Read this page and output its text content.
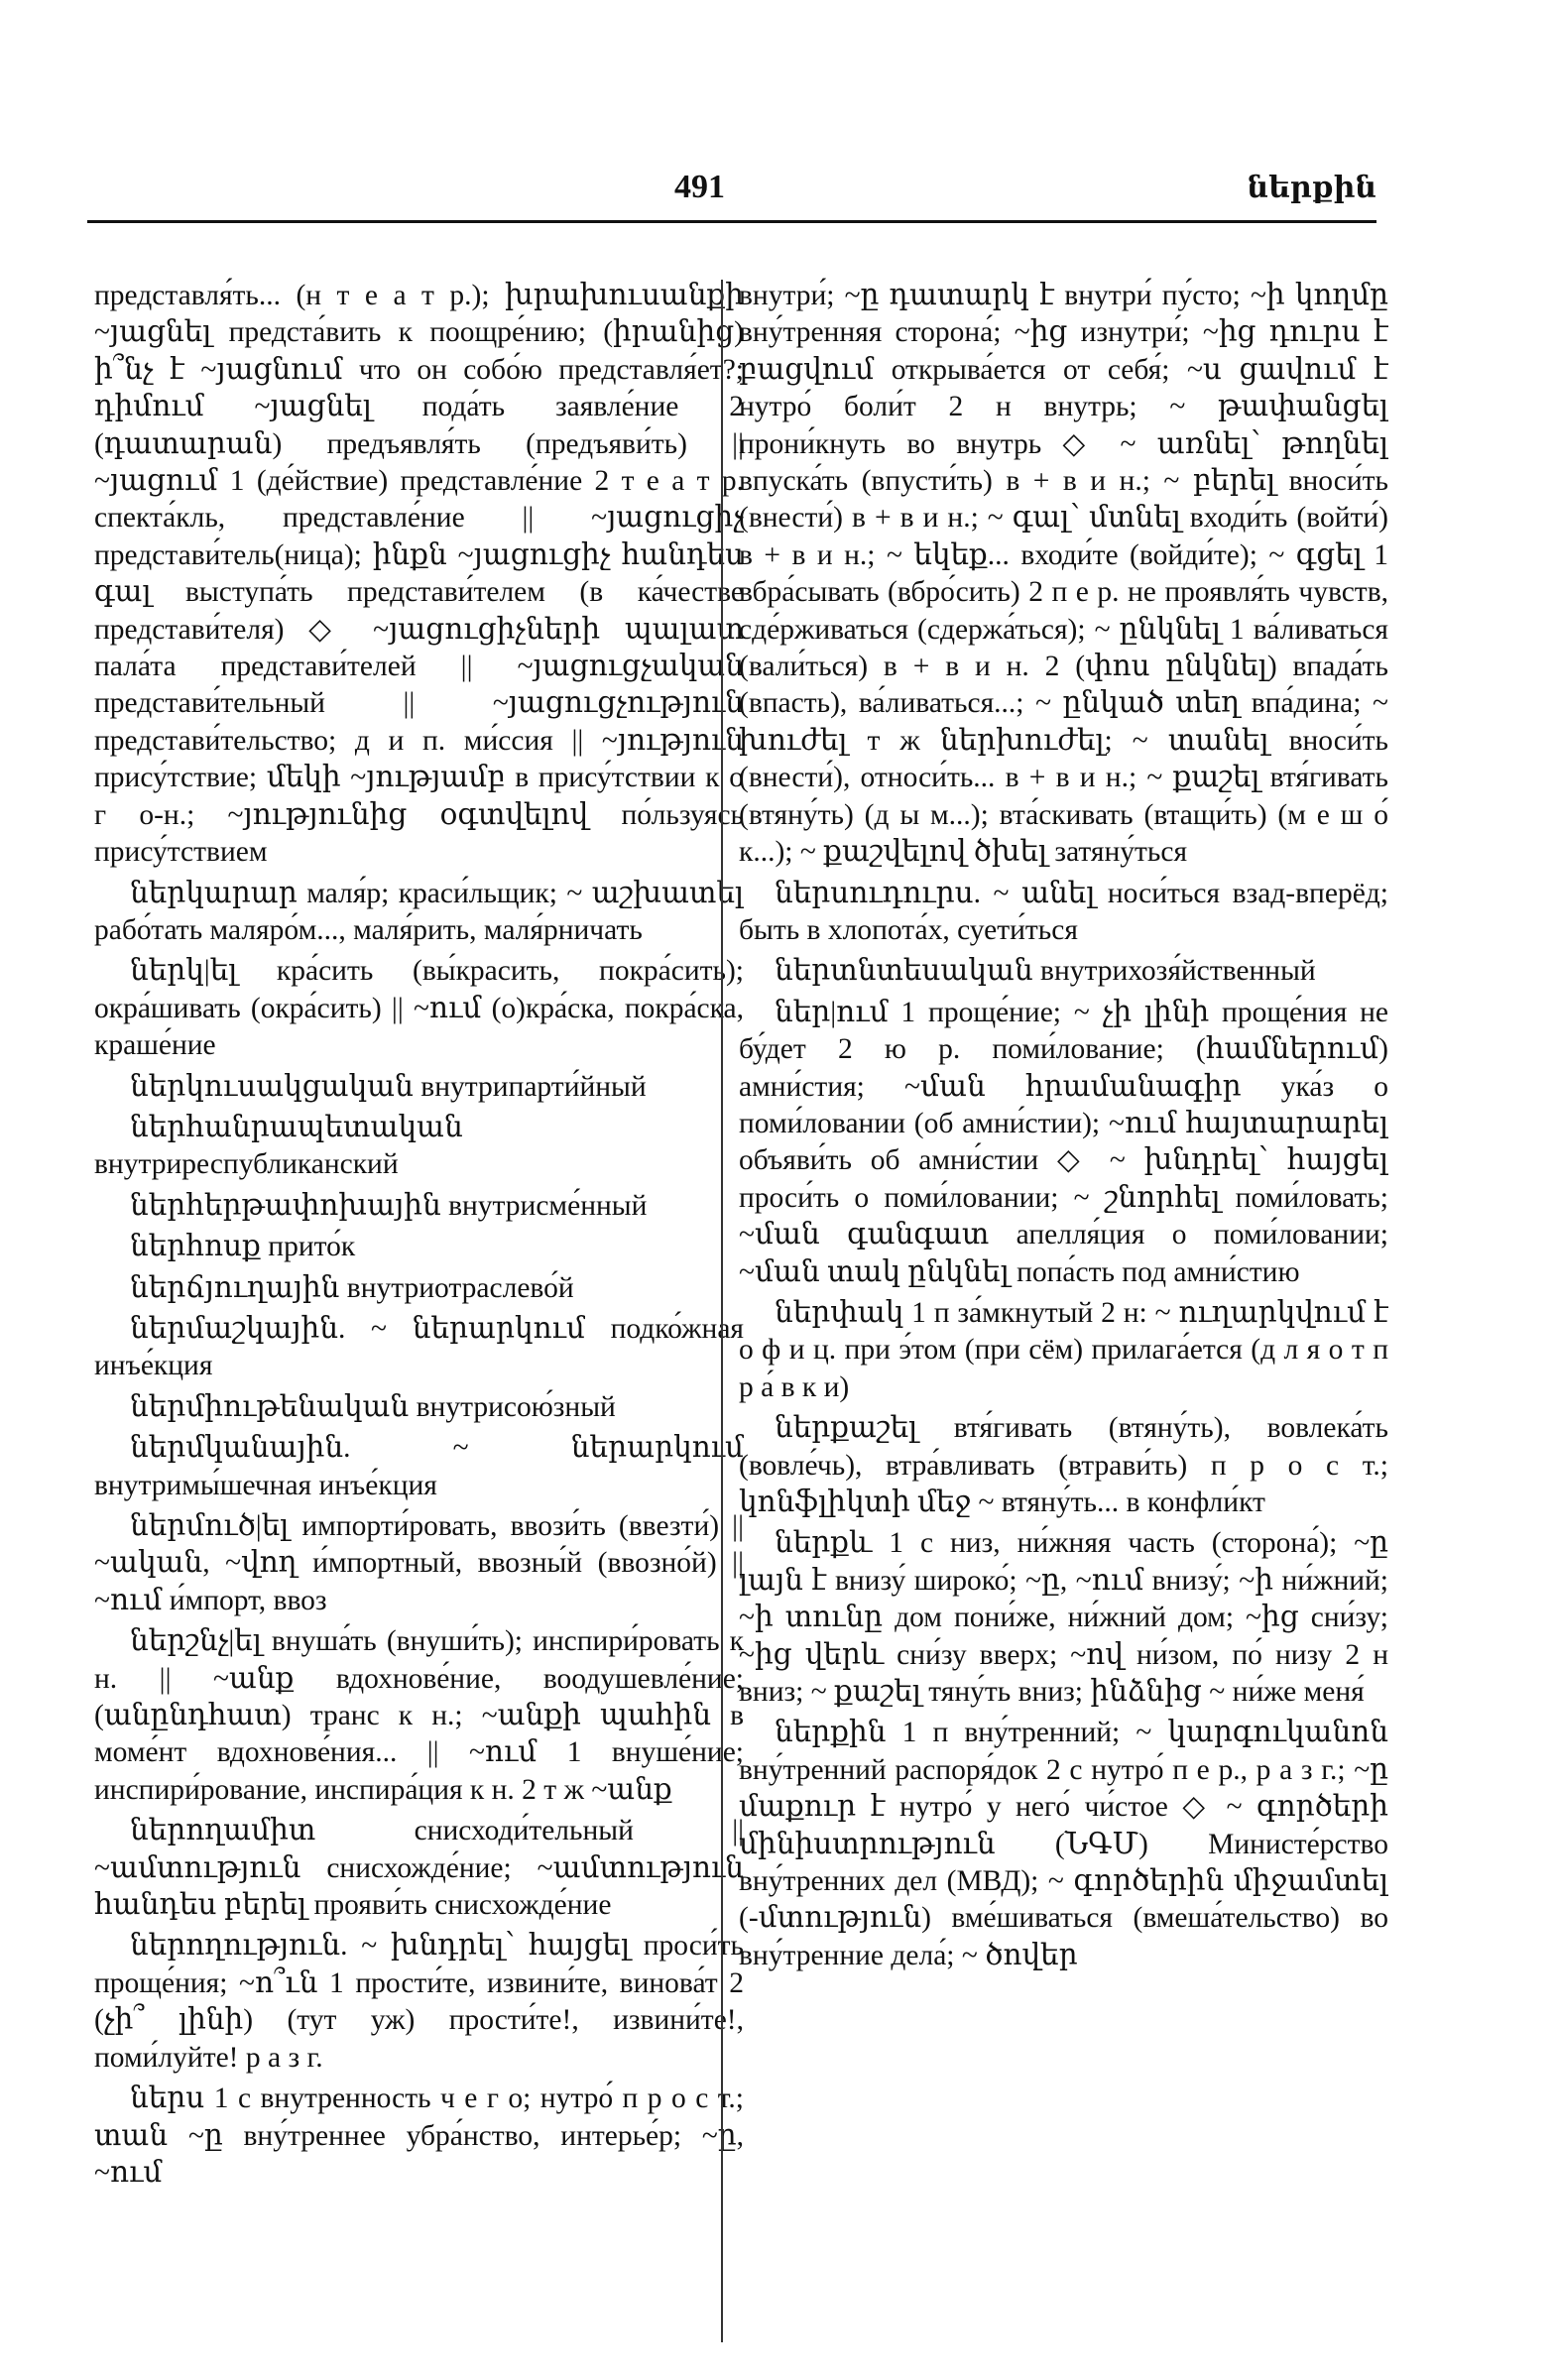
491	ներքին

представля́ть... (н т е а т р.); խրախուսանքի ~յացնել предста́вить к поощре́нию; (իրանից) ի՞նչ է ~յացնում что он собо́ю представля́ет?; դիմում ~յացնել пода́ть заявле́ние 2 (դատարան) предъявля́ть (предъяви́ть) || ~յացում 1 (де́йствие) представле́ние 2 т е а т р. спекта́кль, представле́ние || ~յացուցիչ представи́тель(ница); ինքն ~յացուցիչ հանդես գալ выступа́ть представи́телем (в ка́честве представи́теля) ◇ ~յացուցիչների պալատ пала́та представи́телей || ~յացուցչական представи́тельный || ~յացուցչություն представи́тельство; д и п. ми́ссия || ~յություն прису́тствие; մեկի ~յությամբ в прису́тствии к о г о-н.; ~յությունից օգտվելով по́льзуясь прису́тствием

ներկարար маля́р; краси́льщик; ~ աշխատել рабо́тать маляро́м..., маля́рить, маля́рничать

ներկ|ել кра́сить (вы́красить, покра́сить); окра́шивать (окра́сить) || ~ում (о)кра́ска, покра́ска, краше́ние

ներկուսակցական внутрипарти́йный

ներհանրապետական внутриреспубликанский

ներհերթափոխային внутрисме́нный

ներհոսք прито́к

ներճյուղային внутриотраслево́й

ներմաշկային. ~ ներարկում подко́жная инъе́кция

ներմիութենական внутрисою́зный

ներմկանային. ~ ներարկում внутримы́шечная инъе́кция

ներմուծ|ել импорти́ровать, ввози́ть (ввезти́) || ~ական, ~վող и́мпортный, ввозны́й (ввозно́й) || ~ում и́мпорт, ввоз

ներշնչ|ել внуша́ть (внуши́ть); инспири́ровать к н. || ~անք вдохнове́ние, воодушевле́ние; (անընդհատ) транс к н.; ~անքի պահին в моме́нт вдохнове́ния... || ~ում 1 внуше́ние; инспири́рование, инспира́ция к н. 2 т ж ~անք

ներողամիտ снисходи́тельный || ~ամտություն снисхожде́ние; ~ամտություն հանդես բերել прояви́ть снисхожде́ние

ներողություն. ~ խնդրել՝ հայցել проси́ть проще́ния; ~ո՞ւն 1 прости́те, извини́те, винова́т 2 (չի՞ լինի) (тут уж) прости́те!, извини́те!, поми́луйте! р а з г.

ներս 1 с внутренность ч е г о; нутро́ п р о с т.; տան ~ը вну́треннее убра́нство, интерье́р; ~ը, ~ում

внутри́; ~ը դատարկ է внутри́ пу́сто; ~ի կողմը вну́тренняя сторона́; ~ից изнутри́; ~ից դուրս է բացվում открыва́ется от себя́; ~ս ցավում է нутро́ боли́т 2 н внутрь; ~ թափանցել прони́кнуть во внутрь ◇ ~ առնել՝ թողնել впуска́ть (впусти́ть) в + в и н.; ~ բերել вноси́ть (внести́) в + в и н.; ~ գալ՝ մտնել входи́ть (войти́) в + в и н.; ~ եկեք... входи́те (войди́те); ~ գցել 1 вбра́сывать (вбро́сить) 2 п е р. не проявля́ть чувств, сде́рживаться (сдержа́ться); ~ ընկնել 1 ва́ливаться (вали́ться) в + в и н. 2 (փոս ընկնել) впада́ть (впасть), ва́ливаться...; ~ ընկած տեղ впа́дина; ~ խուժել т ж ներխուժել; ~ տանել вноси́ть (внести́), относи́ть... в + в и н.; ~ քաշել втя́гивать (втяну́ть) (д ы м...); вта́скивать (втащи́ть) (м е ш о́ к...); ~ քաշվելով ծխել затяну́ться

ներսուդուրս. ~ անել носи́ться взад-вперёд; быть в хлопота́х, суети́ться

ներտնտեսական внутрихозя́йственный

ներ|ում 1 проще́ние; ~ չի լինի проще́ния не бу́дет 2 ю р. поми́лование; (համներում) амни́стия; ~ման հրամանագիր ука́з о поми́ловании (об амни́стии); ~ում հայտարարել объяви́ть об амни́стии ◇ ~ խնդրել՝ հայցել проси́ть о поми́ловании; ~ շնորհել поми́ловать; ~ման գանգատ апелля́ция о поми́ловании; ~ման տակ ընկնել попа́сть под амни́стию

ներփակ 1 п за́мкнутый 2 н: ~ ուղարկվում է о ф и ц. при э́том (при сём) прилага́ется (д л я о т п р а́ в к и)

ներքաշել втя́гивать (втяну́ть), вовлека́ть (вовле́чь), втра́вливать (втрави́ть) п р о с т.; կոնֆլիկտի մեջ ~ втяну́ть... в конфли́кт

ներքև 1 с низ, ни́жняя часть (сторона́); ~ը լայն է внизу́ широко́; ~ը, ~ում внизу́; ~ի ни́жний; ~ի տունը дом пони́же, ни́жний дом; ~ից сни́зу; ~ից վերև сни́зу вверх; ~ով ни́зом, по́ низу 2 н вниз; ~ քաշել тяну́ть вниз; ինձնից ~ ни́же меня́

ներքին 1 п вну́тренний; ~ կարգուկանոն вну́тренний распоря́док 2 с нутро́ п е р., р а з г.; ~ը մաքուր է нутро́ у него́ чи́стое ◇ ~ գործերի մինիստրություն (ՆԳՄ) Министе́рство вну́тренних дел (МВД); ~ գործերին միջամտել (-մտություն) вме́шиваться (вмеша́тельство) во вну́тренние дела́; ~ ծովեր
